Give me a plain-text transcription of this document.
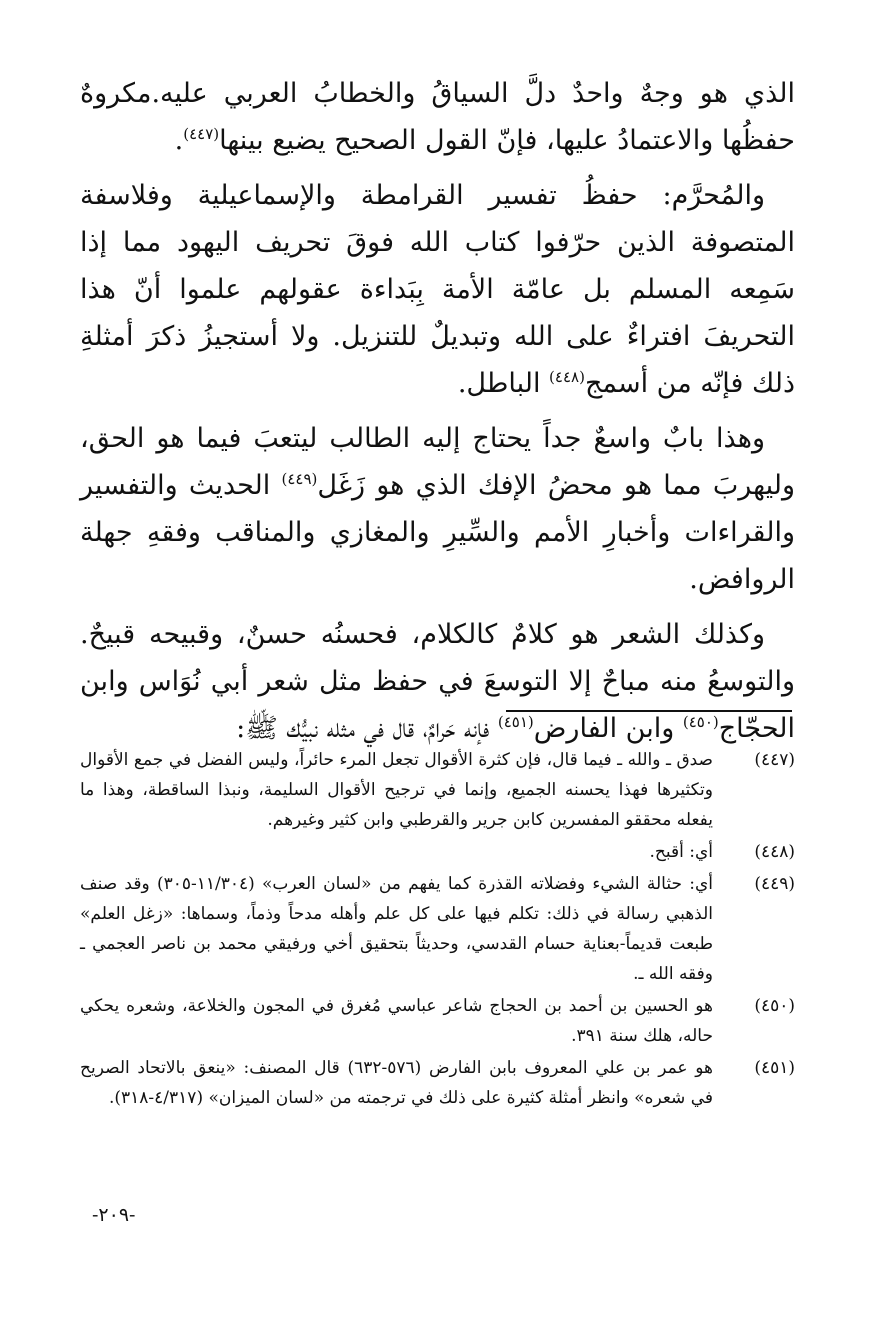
الذي هو وجهٌ واحدٌ دلَّ السياقُ والخطابُ العربي عليه.مكروهٌ حفظُها والاعتمادُ عليها، فإنّ القول الصحيح يضيع بينها$^{(٤٤٧)}$.

والمُحرَّم: حفظُ تفسير القرامطة والإسماعيلية وفلاسفة المتصوفة الذين حرّفوا كتاب الله فوقَ تحريف اليهود مما إذا سَمِعه المسلم بل عامّة الأمة بِبَداءة عقولهم علموا أنّ هذا التحريفَ افتراءٌ على الله وتبديلٌ للتنزيل. ولا أستجيزُ ذكرَ أمثلةِ ذلك فإنّه من أسمج$^{(٤٤٨)}$ الباطل.

وهذا بابٌ واسعٌ جداً يحتاج إليه الطالب ليتعبَ فيما هو الحق، وليهربَ مما هو محضُ الإفك الذي هو زَغَل$^{(٤٤٩)}$ الحديث والتفسير والقراءات وأخبارِ الأمم والسِّيرِ والمغازي والمناقب وفقهِ جهلة الروافض.

وكذلك الشعر هو كلامٌ كالكلام، فحسنُه حسنٌ، وقبيحه قبيحٌ. والتوسعُ منه مباحٌ إلا التوسعَ في حفظ مثل شعر أبي نُوَاس وابن الحجّاج$^{(٤٥٠)}$ وابن الفارض$^{(٤٥١)}$ فإنه حَرامٌ، قال في مثله نبيُّك ﷺ:

(٤٤٧)
صدق ـ والله ـ فيما قال، فإن كثرة الأقوال تجعل المرء حائراً، وليس الفضل في جمع الأقوال وتكثيرها فهذا يحسنه الجميع، وإنما في ترجيح الأقوال السليمة، ونبذا الساقطة، وهذا ما يفعله محققو المفسرين كابن جرير والقرطبي وابن كثير وغيرهم.
(٤٤٨)
أي: أقبح.
(٤٤٩)
أي: حثالة الشيء وفضلاته القذرة كما يفهم من «لسان العرب» (١١/٣٠٤-٣٠٥) وقد صنف الذهبي رسالة في ذلك: تكلم فيها على كل علم وأهله مدحاً وذماً، وسماها: «زغل العلم» طبعت قديماً-بعناية حسام القدسي، وحديثاً بتحقيق أخي ورفيقي محمد بن ناصر العجمي ـ وفقه الله ـ.
(٤٥٠)
هو الحسين بن أحمد بن الحجاج شاعر عباسي مُغرق في المجون والخلاعة، وشعره يحكي حاله، هلك سنة ٣٩١.
(٤٥١)
هو عمر بن علي المعروف بابن الفارض (٥٧٦-٦٣٢) قال المصنف: «ينعق بالاتحاد الصريح في شعره» وانظر أمثلة كثيرة على ذلك في ترجمته من «لسان الميزان» (٤/٣١٧-٣١٨).
-٢٠٩-
